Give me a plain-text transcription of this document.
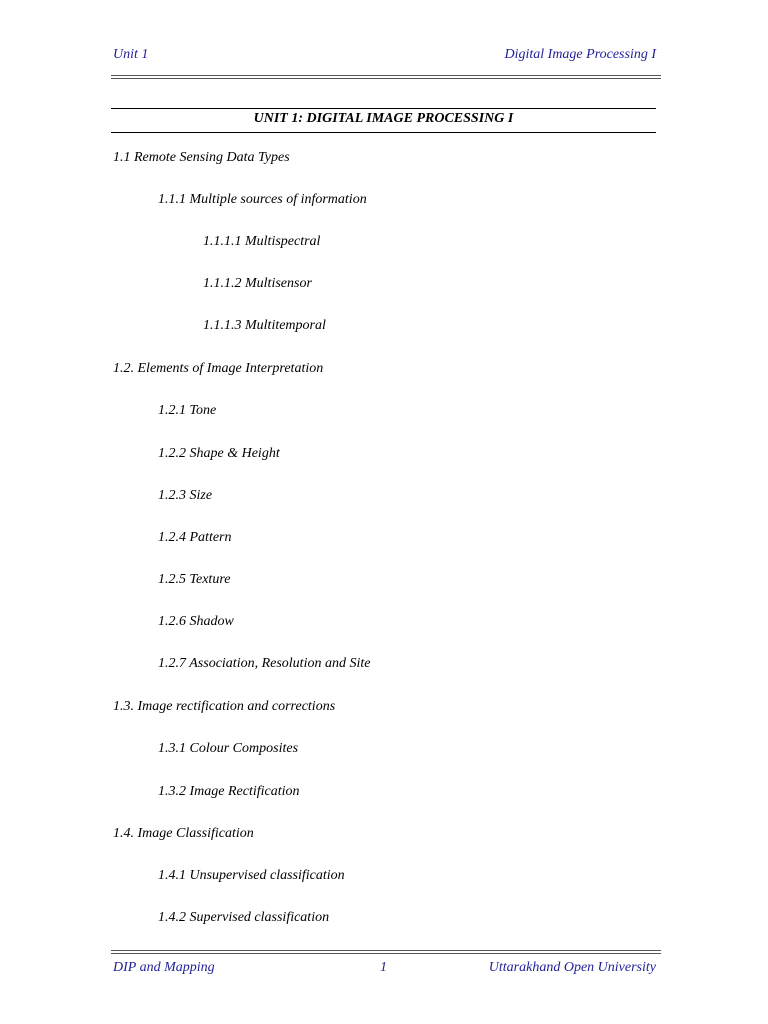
Unit 1	Digital Image Processing I
UNIT 1: DIGITAL IMAGE PROCESSING I
1.1 Remote Sensing Data Types
1.1.1 Multiple sources of information
1.1.1.1 Multispectral
1.1.1.2 Multisensor
1.1.1.3 Multitemporal
1.2. Elements of Image Interpretation
1.2.1 Tone
1.2.2 Shape & Height
1.2.3 Size
1.2.4 Pattern
1.2.5 Texture
1.2.6 Shadow
1.2.7 Association, Resolution and Site
1.3. Image rectification and corrections
1.3.1 Colour Composites
1.3.2 Image Rectification
1.4. Image Classification
1.4.1 Unsupervised classification
1.4.2 Supervised classification
DIP and Mapping	1	Uttarakhand Open University
